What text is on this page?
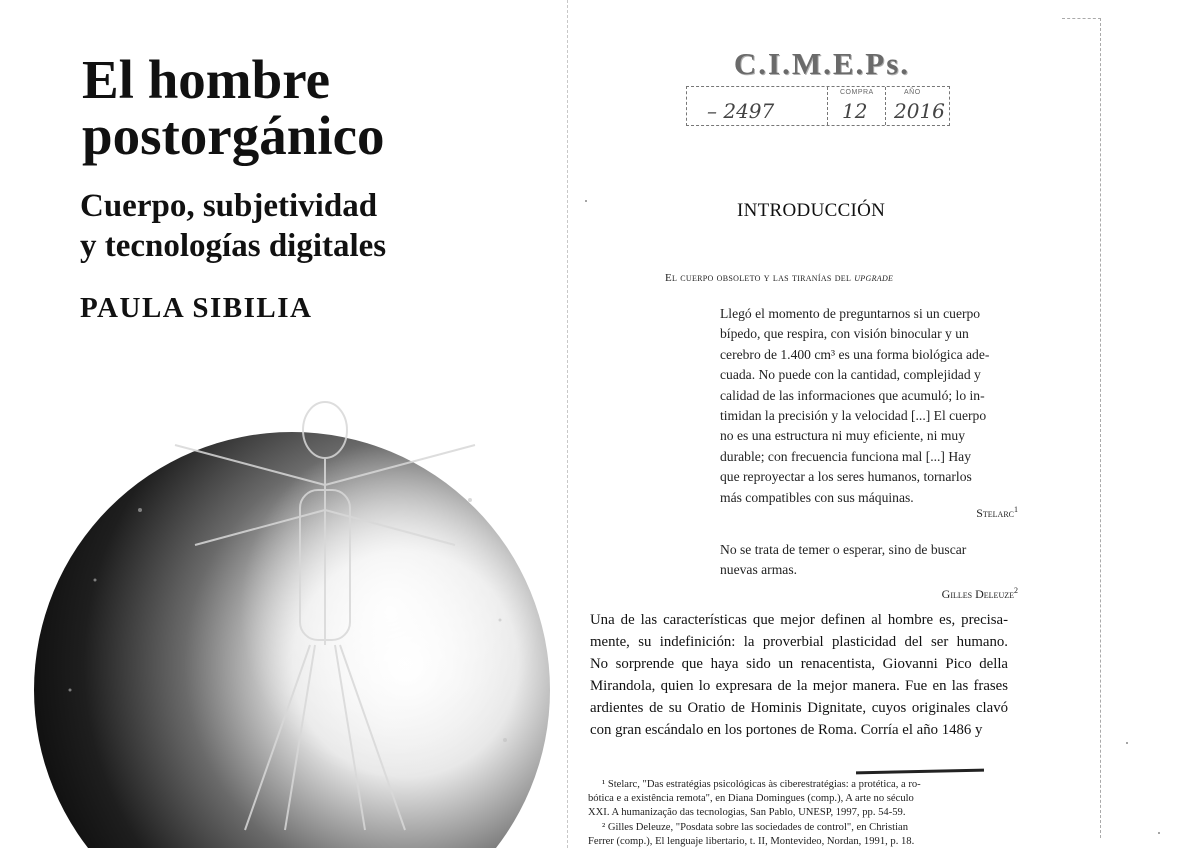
El hombre
postorgánico
Cuerpo, subjetividad
y tecnologías digitales
PAULA SIBILIA
C.I.M.E.Ps.
– 2497
COMPRA
12
AÑO
2016
INTRODUCCIÓN
El cuerpo obsoleto y las tiranías del upgrade
Llegó el momento de preguntarnos si un cuerpo
bípedo, que respira, con visión binocular y un
cerebro de 1.400 cm³ es una forma biológica ade-
cuada. No puede con la cantidad, complejidad y
calidad de las informaciones que acumuló; lo in-
timidan la precisión y la velocidad [...] El cuerpo
no es una estructura ni muy eficiente, ni muy
durable; con frecuencia funciona mal [...] Hay
que reproyectar a los seres humanos, tornarlos
más compatibles con sus máquinas.
Stelarc$^1$
No se trata de temer o esperar, sino de buscar
nuevas armas.
Gilles Deleuze$^2$
Una de las características que mejor definen al hombre es, precisa-
mente, su indefinición: la proverbial plasticidad del ser humano.
No sorprende que haya sido un renacentista, Giovanni Pico della
Mirandola, quien lo expresara de la mejor manera. Fue en las frases
ardientes de su Oratio de Hominis Dignitate, cuyos originales clavó
con gran escándalo en los portones de Roma. Corría el año 1486 y
¹ Stelarc, "Das estratégias psicológicas às ciberestratégias: a protética, a ro-
bótica e a existência remota", en Diana Domingues (comp.), A arte no século
XXI. A humanização das tecnologias, San Pablo, UNESP, 1997, pp. 54-59.
² Gilles Deleuze, "Posdata sobre las sociedades de control", en Christian
Ferrer (comp.), El lenguaje libertario, t. II, Montevideo, Nordan, 1991, p. 18.
